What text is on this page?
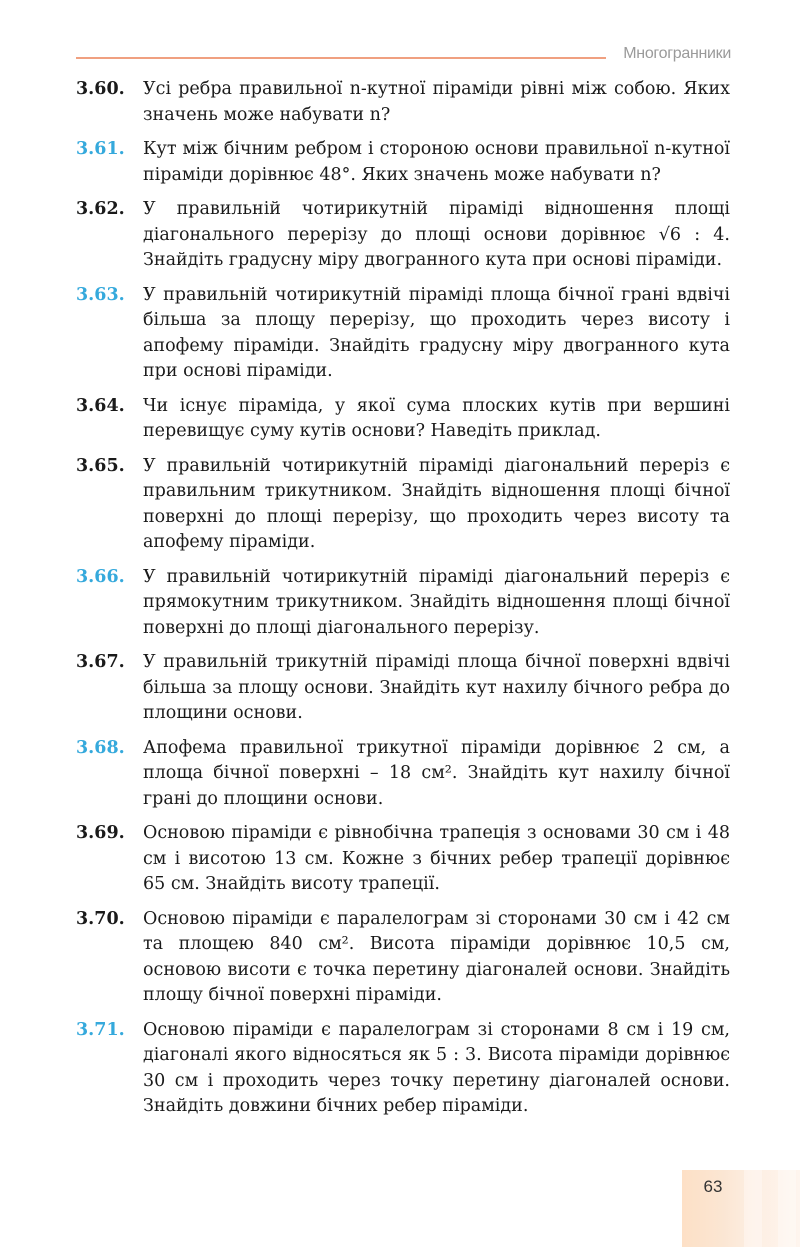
Многогранники
3.60.	Усі ребра правильної n-кутної піраміди рівні між собою. Яких значень може набувати n?
3.61.	Кут між бічним ребром і стороною основи правильної n-кутної піраміди дорівнює 48°. Яких значень може набувати n?
3.62.	У правильній чотирикутній піраміді відношення площі діагонального перерізу до площі основи дорівнює √6 : 4. Знайдіть градусну міру двогранного кута при основі піраміди.
3.63.	У правильній чотирикутній піраміді площа бічної грані вдвічі більша за площу перерізу, що проходить через висоту і апофему піраміди. Знайдіть градусну міру двогранного кута при основі піраміди.
3.64.	Чи існує піраміда, у якої сума плоских кутів при вершині перевищує суму кутів основи? Наведіть приклад.
3.65.	У правильній чотирикутній піраміді діагональний переріз є правильним трикутником. Знайдіть відношення площі бічної поверхні до площі перерізу, що проходить через висоту та апофему піраміди.
3.66.	У правильній чотирикутній піраміді діагональний переріз є прямокутним трикутником. Знайдіть відношення площі бічної поверхні до площі діагонального перерізу.
3.67.	У правильній трикутній піраміді площа бічної поверхні вдвічі більша за площу основи. Знайдіть кут нахилу бічного ребра до площини основи.
3.68.	Апофема правильної трикутної піраміди дорівнює 2 см, а площа бічної поверхні – 18 см². Знайдіть кут нахилу бічної грані до площини основи.
3.69.	Основою піраміди є рівнобічна трапеція з основами 30 см і 48 см і висотою 13 см. Кожне з бічних ребер трапеції дорівнює 65 см. Знайдіть висоту трапеції.
3.70.	Основою піраміди є паралелограм зі сторонами 30 см і 42 см та площею 840 см². Висота піраміди дорівнює 10,5 см, основою висоти є точка перетину діагоналей основи. Знайдіть площу бічної поверхні піраміди.
3.71.	Основою піраміди є паралелограм зі сторонами 8 см і 19 см, діагоналі якого відносяться як 5 : 3. Висота піраміди дорівнює 30 см і проходить через точку перетину діагоналей основи. Знайдіть довжини бічних ребер піраміди.
63
